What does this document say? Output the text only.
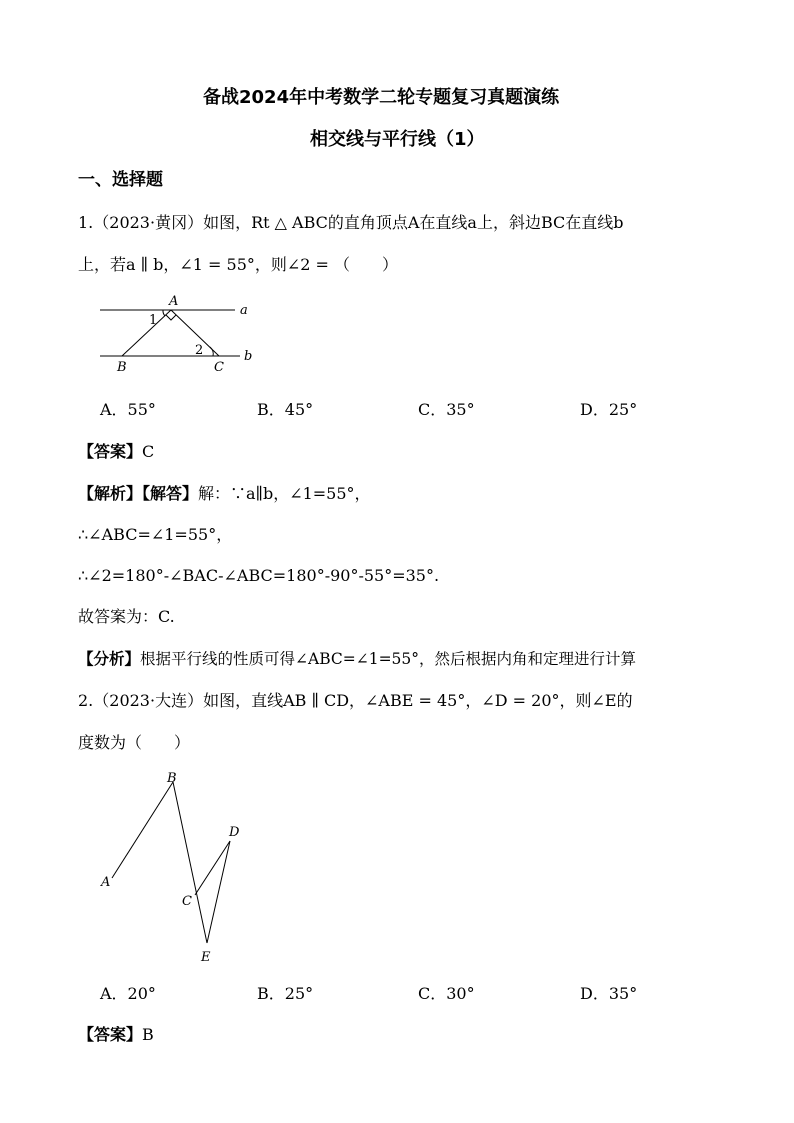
备战2024年中考数学二轮专题复习真题演练
相交线与平行线（1）
一、选择题
1.（2023·黄冈）如图，Rt △ ABC的直角顶点A在直线a上，斜边BC在直线b
上，若a ∥ b，∠1 = 55°，则∠2 = （　　）
A
a
1
2
B	C
b
A．55°	B．45°	C．35°	D．25°
【答案】C
【解析】【解答】解：∵a∥b，∠1=55°，
∴∠ABC=∠1=55°，
∴∠2=180°-∠BAC-∠ABC=180°-90°-55°=35°.
故答案为：C.
【分析】根据平行线的性质可得∠ABC=∠1=55°，然后根据内角和定理进行计算
2.（2023·大连）如图，直线AB ∥ CD，∠ABE = 45°，∠D = 20°，则∠E的
度数为（　　）
A
B
C
D
E
A．20°	B．25°	C．30°	D．35°
【答案】B
